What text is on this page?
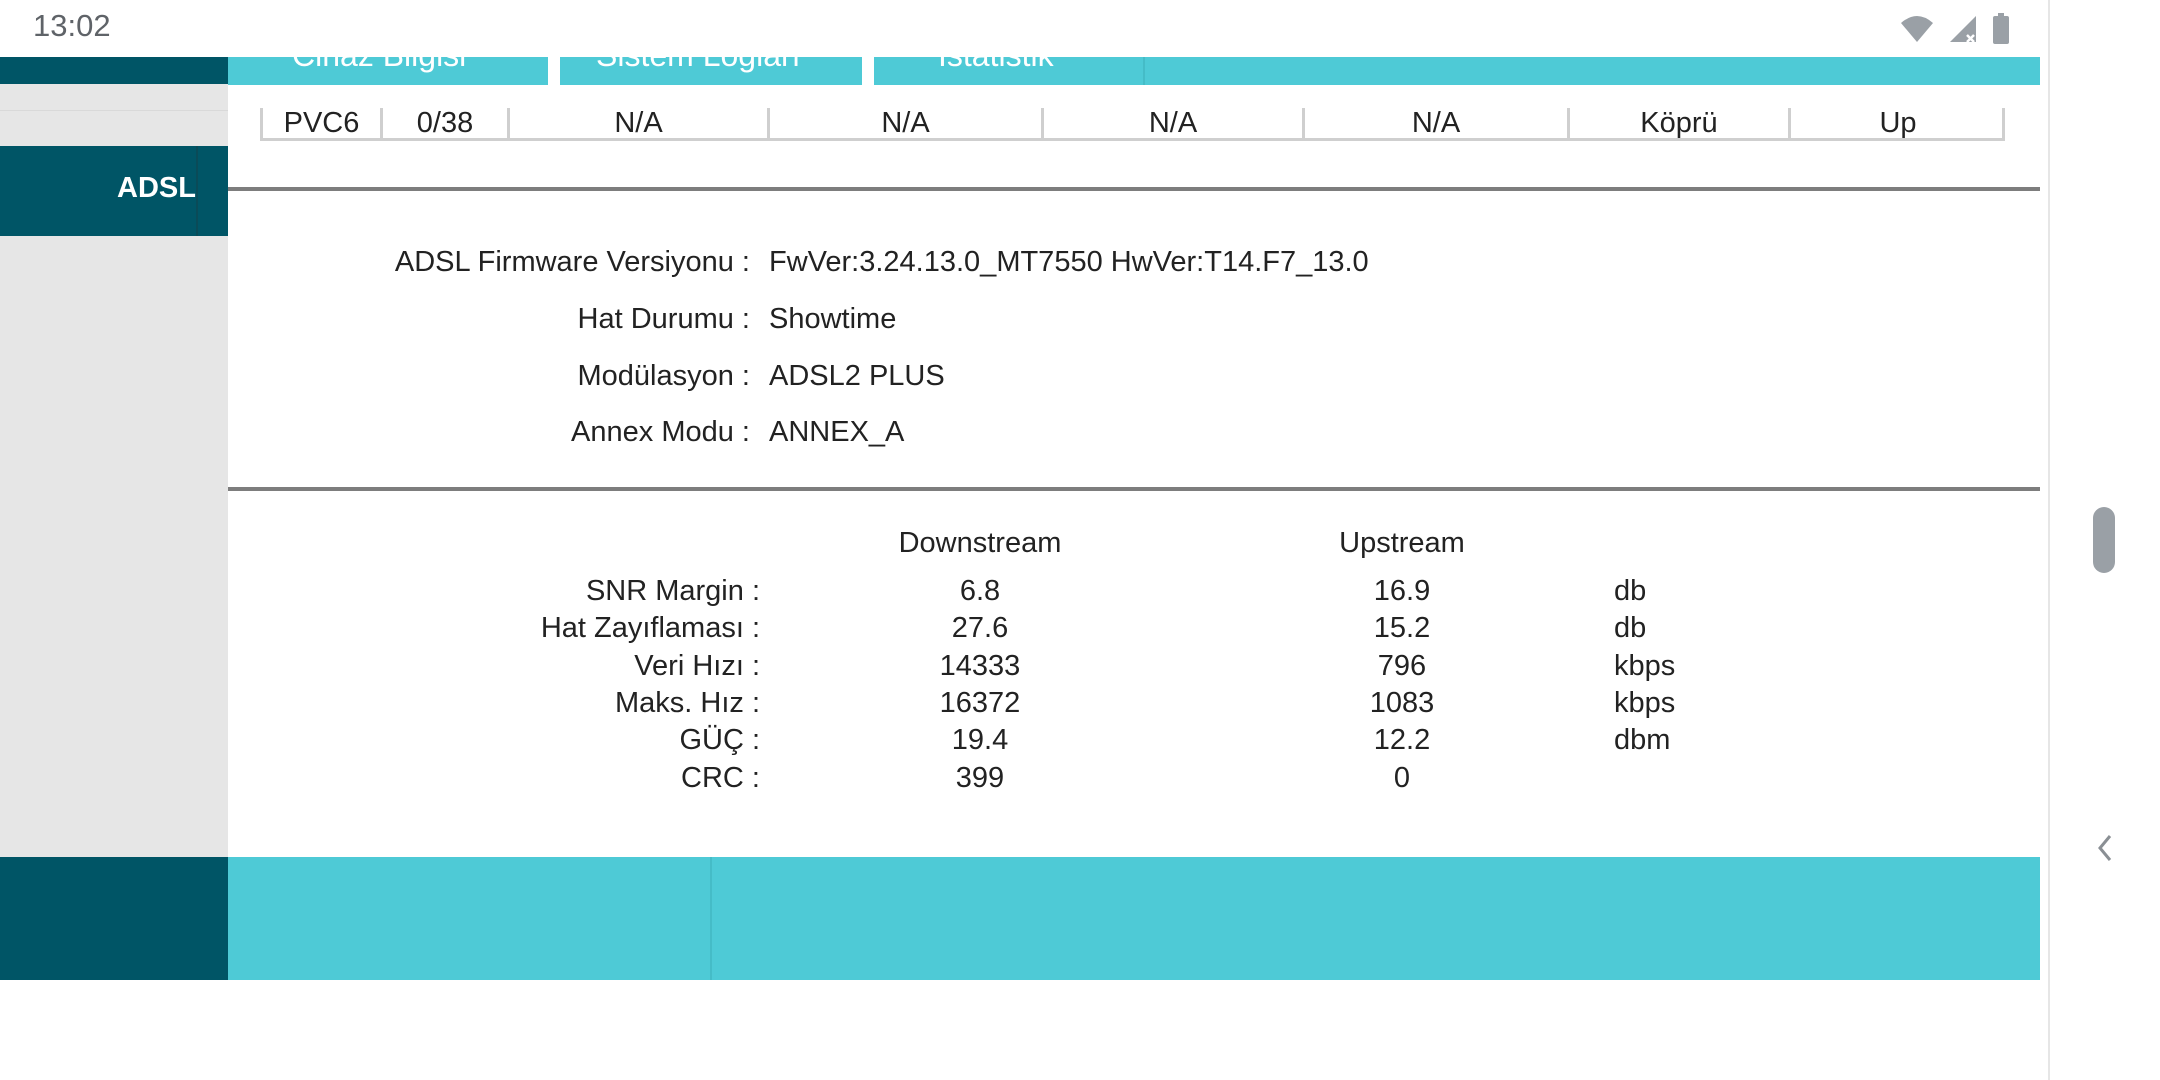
13:02
Cihaz Bilgisi	Sistem Logları	İstatistik
ADSL
PVC6	0/38	N/A	N/A	N/A	N/A	Köprü	Up
ADSL Firmware Versiyonu : FwVer:3.24.13.0_MT7550 HwVer:T14.F7_13.0
Hat Durumu : Showtime
Modülasyon : ADSL2 PLUS
Annex Modu : ANNEX_A
Downstream	Upstream
SNR Margin :	6.8	16.9	db
Hat Zayıflaması :	27.6	15.2	db
Veri Hızı :	14333	796	kbps
Maks. Hız :	16372	1083	kbps
GÜÇ :	19.4	12.2	dbm
CRC :	399	0
